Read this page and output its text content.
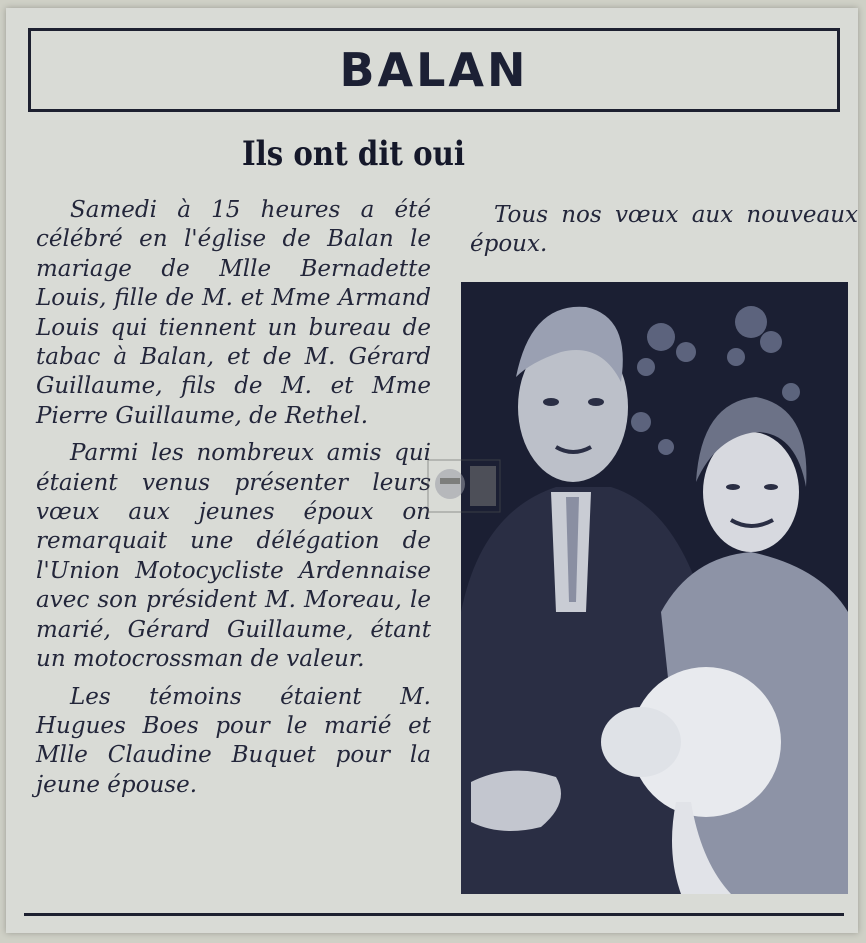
BALAN
Ils ont dit oui

Samedi à 15 heures a été célébré en l'église de Balan le mariage de Mlle Bernadette Louis, fille de M. et Mme Armand Louis qui tiennent un bureau de tabac à Balan, et de M. Gérard Guillaume, fils de M. et Mme Pierre Guillaume, de Rethel.

Parmi les nombreux amis qui étaient venus présenter leurs vœux aux jeunes époux on remarquait une délégation de l'Union Motocycliste Ardennaise avec son président M. Moreau, le marié, Gérard Guillaume, étant un motocrossman de valeur.

Les témoins étaient M. Hugues Boes pour le marié et Mlle Claudine Buquet pour la jeune épouse.

Tous nos vœux aux nouveaux époux.
